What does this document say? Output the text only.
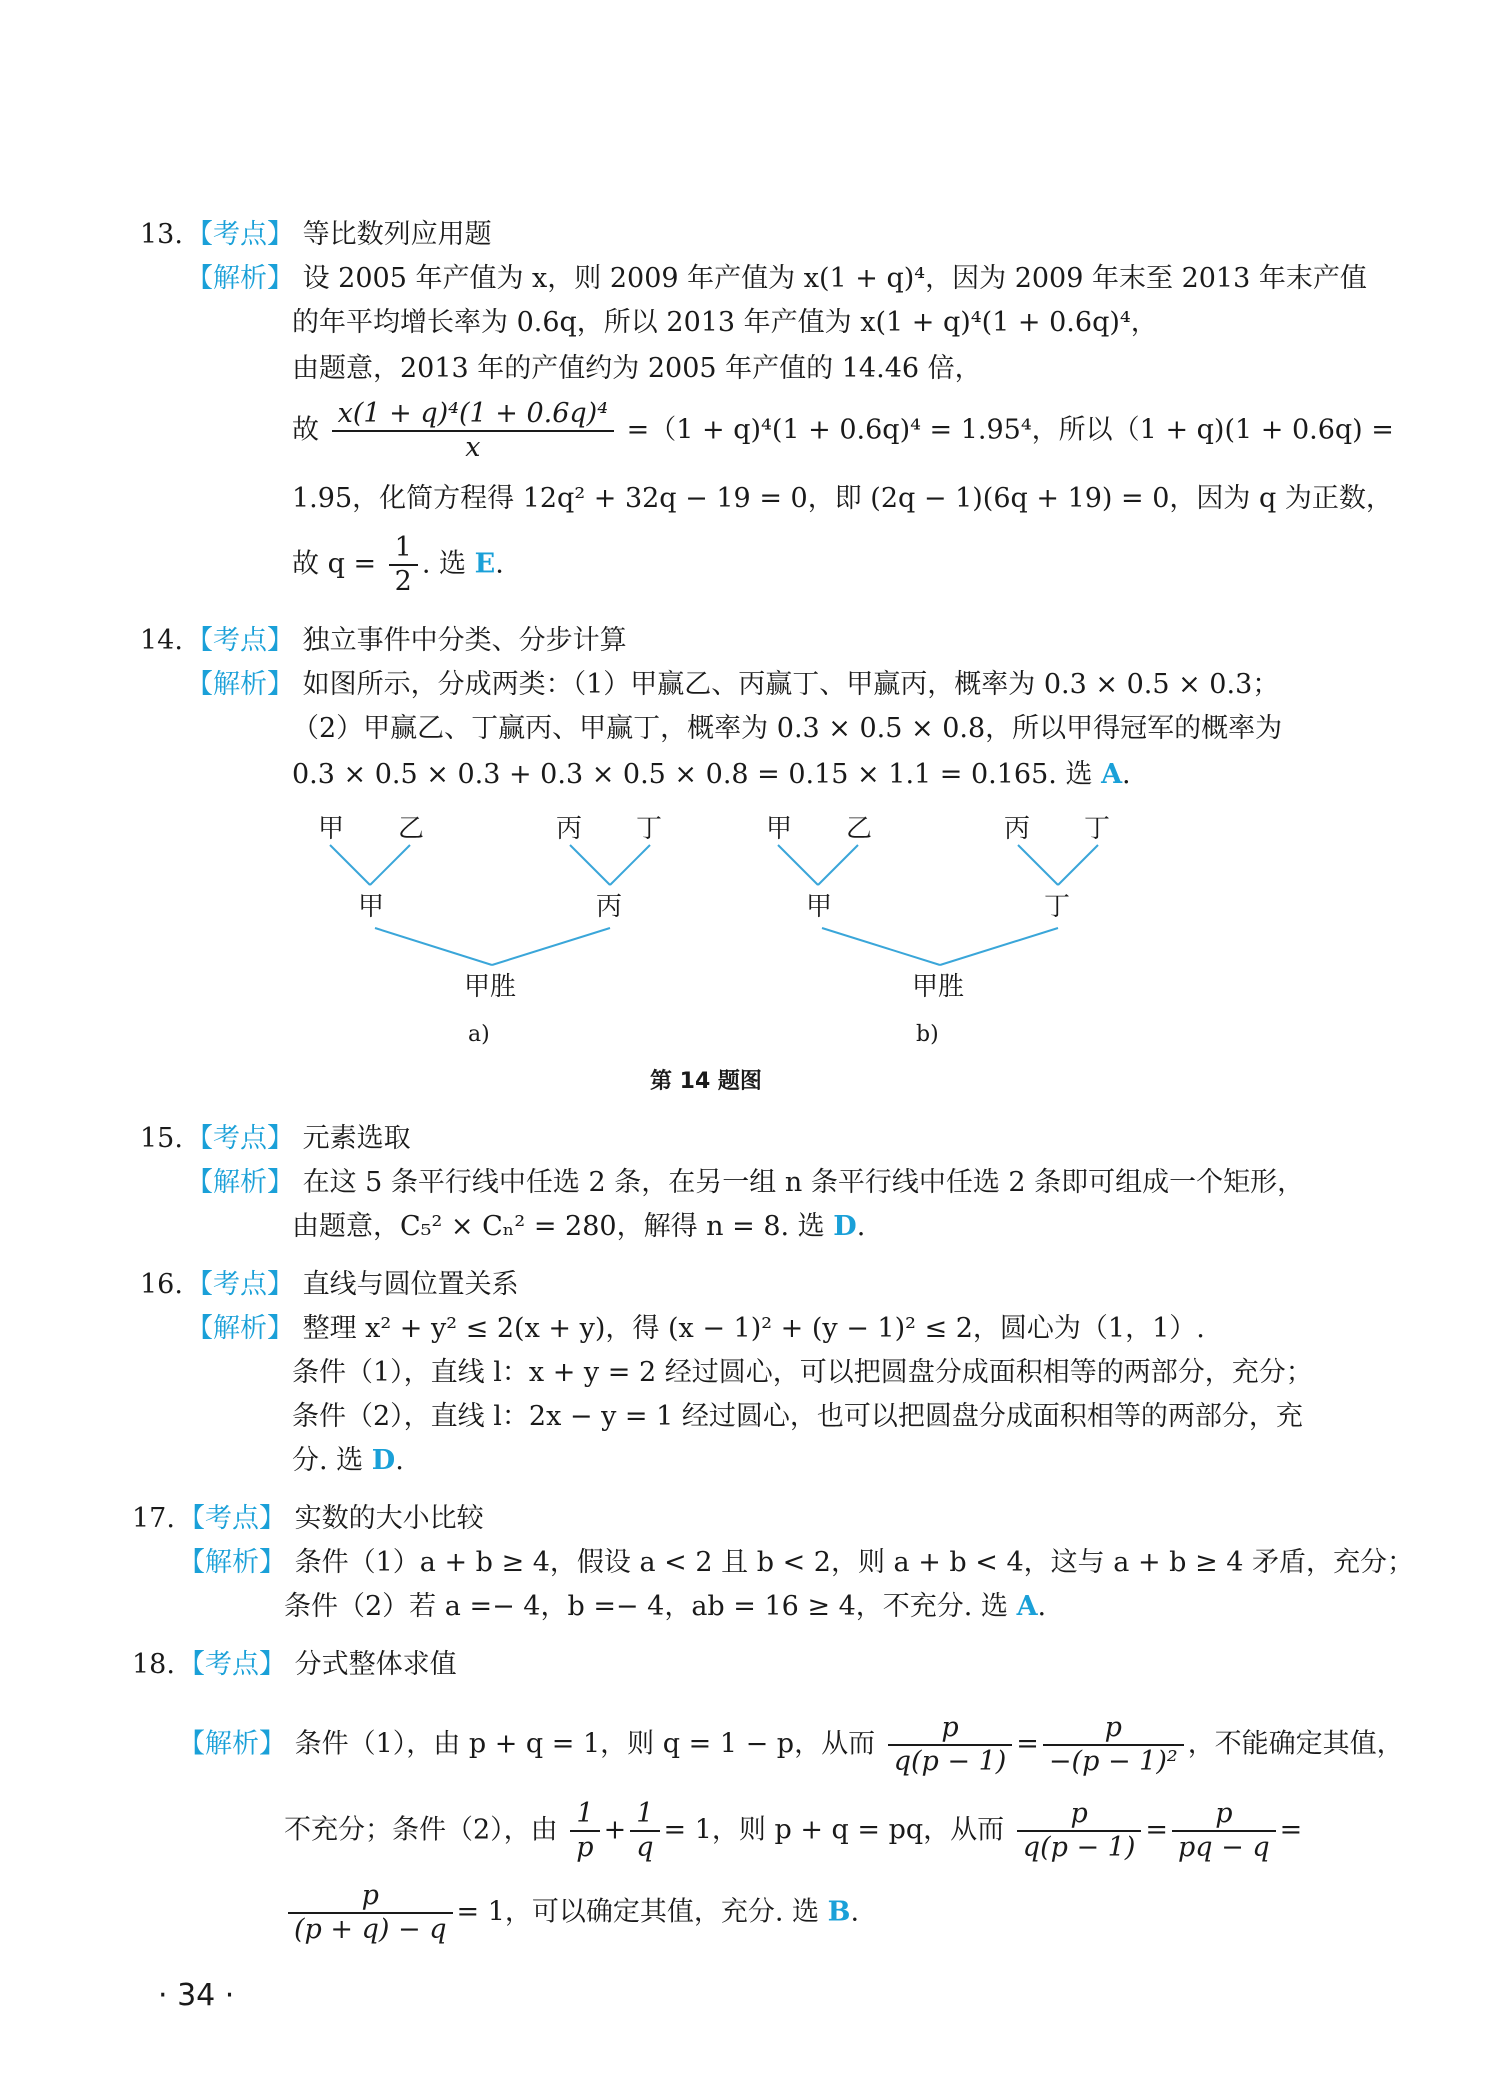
13. 【考点】 等比数列应用题
【解析】 设 2005 年产值为 x，则 2009 年产值为 x(1 + q)⁴，因为 2009 年末至 2013 年末产值
的年平均增长率为 0.6q，所以 2013 年产值为 x(1 + q)⁴(1 + 0.6q)⁴，
由题意，2013 年的产值约为 2005 年产值的 14.46 倍，
故 $\frac{\text{x(1 + q)⁴(1 + 0.6q)⁴}}{x} =(1 + q)^4(1 + 0.6q)^4 = 1.95^4$，所以（1 + q)(1 + 0.6q) =
1.95，化简方程得 12q² + 32q − 19 = 0，即 (2q − 1)(6q + 19) = 0，因为 q 为正数，
故 $q = \frac{1}{2}$ . 选 E.
14. 【考点】 独立事件中分类、分步计算
【解析】 如图所示，分成两类：（1）甲赢乙、丙赢丁、甲赢丙，概率为 0.3 × 0.5 × 0.3；
（2）甲赢乙、丁赢丙、甲赢丁，概率为 0.3 × 0.5 × 0.8，所以甲得冠军的概率为
0.3 × 0.5 × 0.3 + 0.3 × 0.5 × 0.8 = 0.15 × 1.1 = 0.165. 选 A.
甲 乙	丙 丁
甲	丙
甲胜
a)
甲 乙	丙 丁
甲	丁
甲胜
b)
第 14 题图
15. 【考点】 元素选取
【解析】 在这 5 条平行线中任选 2 条，在另一组 n 条平行线中任选 2 条即可组成一个矩形，
由题意，C₅² × Cₙ² = 280，解得 n = 8. 选 D.
16. 【考点】 直线与圆位置关系
【解析】 整理 x² + y² ≤ 2(x + y)，得 (x − 1)² + (y − 1)² ≤ 2，圆心为（1，1）.
条件（1），直线 l：x + y = 2 经过圆心，可以把圆盘分成面积相等的两部分，充分；
条件（2），直线 l：2x − y = 1 经过圆心，也可以把圆盘分成面积相等的两部分，充
分. 选 D.
17. 【考点】 实数的大小比较
【解析】 条件（1）a + b ≥ 4，假设 a < 2 且 b < 2，则 a + b < 4，这与 a + b ≥ 4 矛盾，充分；
条件（2）若 a =− 4，b =− 4，ab = 16 ≥ 4，不充分. 选 A.
18. 【考点】 分式整体求值
【解析】 条件（1），由 p + q = 1，则 q = 1 − p，从而 $\frac{p}{q(p - 1)} = \frac{p}{\text{−(p − 1)²}}$ ，不能确定其值，
不充分；条件（2），由 $\frac{1}{p} + \frac{1}{q} = 1$，则 p + q = pq，从而 $\frac{p}{q(p - 1)} = \frac{p}{pq - q}$ =
$\frac{p}{(p + q) - q} = 1$，可以确定其值，充分. 选 B.
· 34 ·
